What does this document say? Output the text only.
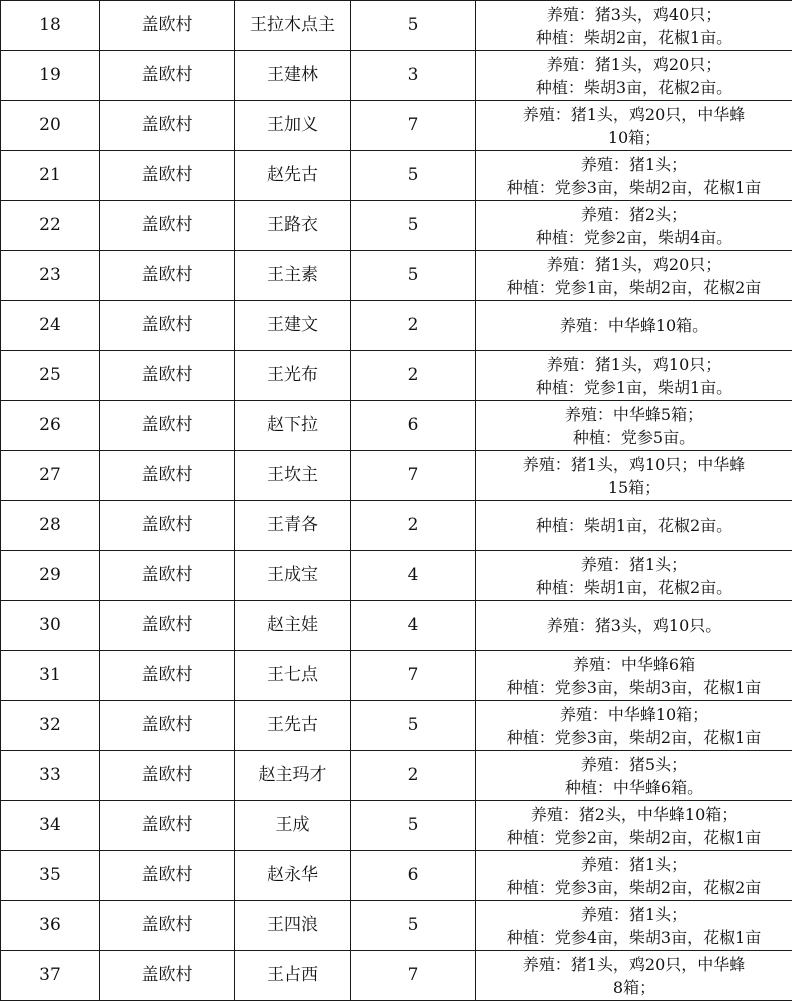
18	盖欧村	王拉木点主	5	养殖：猪3头，鸡40只；
种植：柴胡2亩，花椒1亩。

19	盖欧村	王建林	3	养殖：猪1头，鸡20只；
种植：柴胡3亩，花椒2亩。

20	盖欧村	王加义	7	养殖：猪1头，鸡20只，中华蜂
10箱；

21	盖欧村	赵先古	5	养殖：猪1头；
种植：党参3亩，柴胡2亩，花椒1亩

22	盖欧村	王路衣	5	养殖：猪2头；
种植：党参2亩，柴胡4亩。

23	盖欧村	王主素	5	养殖：猪1头，鸡20只；
种植：党参1亩，柴胡2亩，花椒2亩

24	盖欧村	王建文	2	养殖：中华蜂10箱。

25	盖欧村	王光布	2	养殖：猪1头，鸡10只；
种植：党参1亩，柴胡1亩。

26	盖欧村	赵下拉	6	养殖：中华蜂5箱；
种植：党参5亩。

27	盖欧村	王坎主	7	养殖：猪1头，鸡10只；中华蜂
15箱；

28	盖欧村	王青各	2	种植：柴胡1亩，花椒2亩。

29	盖欧村	王成宝	4	养殖：猪1头；
种植：柴胡1亩，花椒2亩。

30	盖欧村	赵主娃	4	养殖：猪3头，鸡10只。

31	盖欧村	王七点	7	养殖：中华蜂6箱
种植：党参3亩，柴胡3亩，花椒1亩

32	盖欧村	王先古	5	养殖：中华蜂10箱；
种植：党参3亩，柴胡2亩，花椒1亩

33	盖欧村	赵主玛才	2	养殖：猪5头；
种植：中华蜂6箱。

34	盖欧村	王成	5	养殖：猪2头，中华蜂10箱；
种植：党参2亩，柴胡2亩，花椒1亩

35	盖欧村	赵永华	6	养殖：猪1头；
种植：党参3亩，柴胡2亩，花椒2亩

36	盖欧村	王四浪	5	养殖：猪1头；
种植：党参4亩，柴胡3亩，花椒1亩

37	盖欧村	王占西	7	养殖：猪1头，鸡20只，中华蜂
8箱；
